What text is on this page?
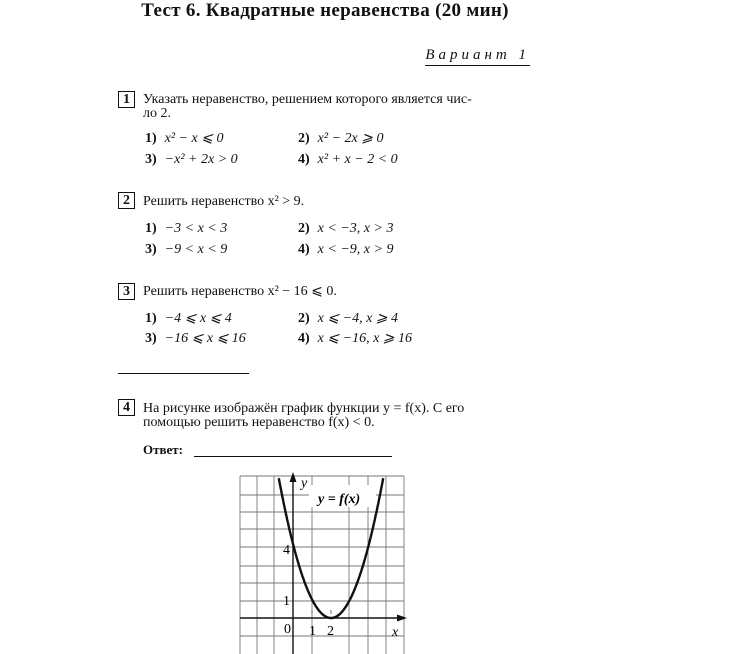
Тест 6. Квадратные неравенства (20 мин)
Вариант 1
1 Указать неравенство, решением которого является чис-
ло 2.
1) x² − x ⩽ 0	2) x² − 2x ⩾ 0
3) −x² + 2x > 0	4) x² + x − 2 < 0
2 Решить неравенство x² > 9.
1) −3 < x < 3	2) x < −3, x > 3
3) −9 < x < 9	4) x < −9, x > 9
3 Решить неравенство x² − 16 ⩽ 0.
1) −4 ⩽ x ⩽ 4	2) x ⩽ −4, x ⩾ 4
3) −16 ⩽ x ⩽ 16	4) x ⩽ −16, x ⩾ 16
4 На рисунке изображён график функции y = f(x). С его
помощью решить неравенство f(x) < 0.
Ответ:
y = f(x)
y
x
0 1 2
4
1
